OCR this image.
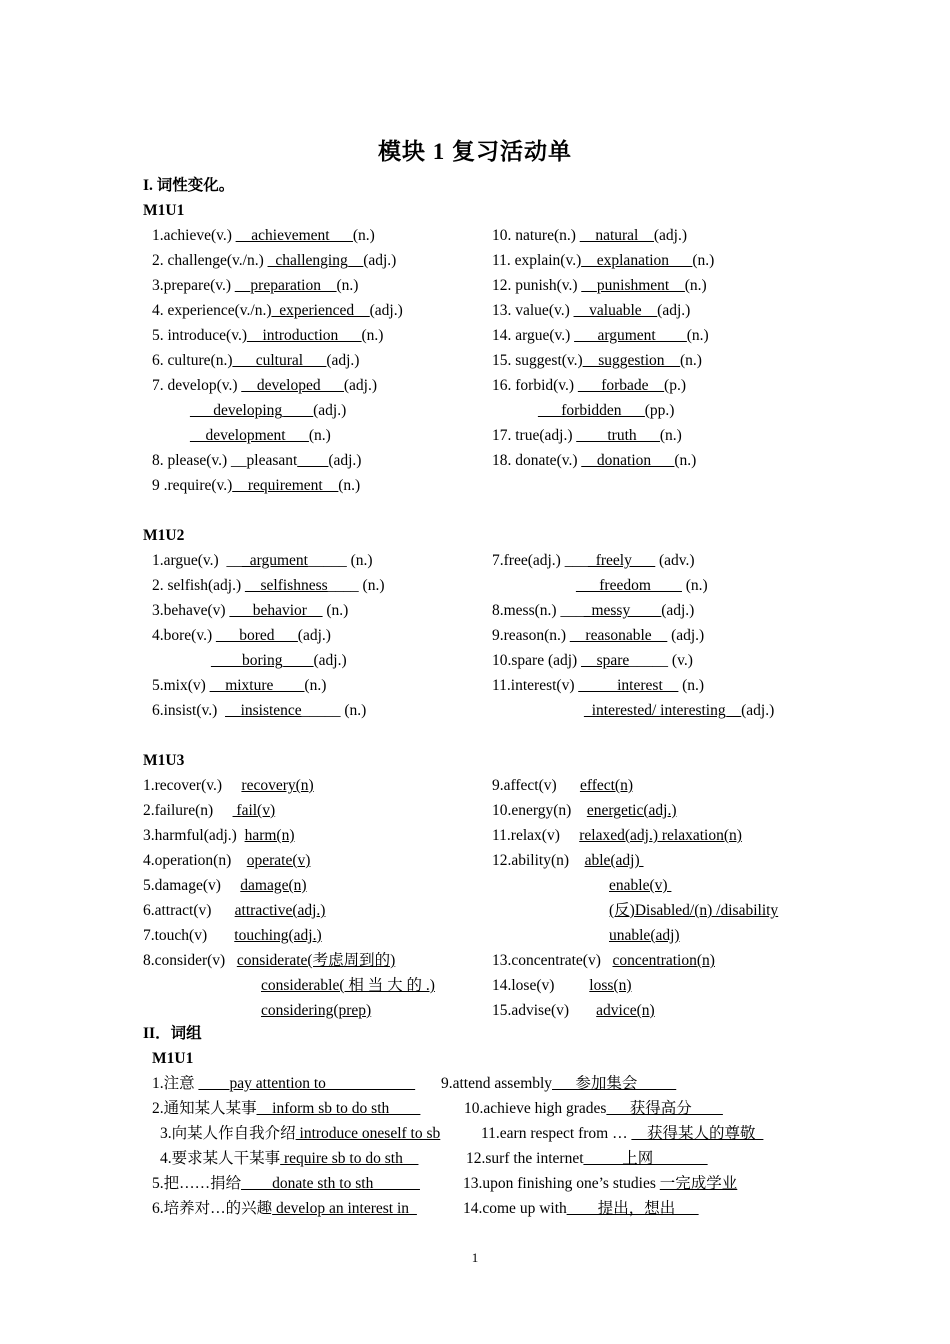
模块 1 复习活动单
I. 词性变化。
M1U1
1.achieve(v.) __achievement___(n.)
2. challenge(v./n.) _challenging__(adj.)
3.prepare(v.) __preparation__(n.)
4. experience(v./n.)_experienced__(adj.)
5. introduce(v.)__introduction___(n.)
6. culture(n.)___cultural___(adj.)
7. develop(v.) __developed___(adj.)
___developing____(adj.)
__development___(n.)
8. please(v.) __pleasant____(adj.)
9 .require(v.)__requirement__(n.)
10. nature(n.) __natural__(adj.)
11. explain(v.)__explanation___(n.)
12. punish(v.) __punishment__(n.)
13. value(v.) __valuable__(adj.)
14. argue(v.) ___argument____(n.)
15. suggest(v.)__suggestion__(n.)
16. forbid(v.) ___forbade__(p.)
___forbidden___(pp.)
17. true(adj.) ____truth___(n.)
18. donate(v.) __donation___(n.)
M1U2
1.argue(v.)  ___argument_____ (n.)
2. selfish(adj.) __selfishness____ (n.)
3.behave(v) ___behavior__ (n.)
4.bore(v.) ___bored___(adj.)
____boring____(adj.)
5.mix(v) __mixture____(n.)
6.insist(v.)  __insistence_____ (n.)
7.free(adj.) ____freely___ (adv.)
___freedom____ (n.)
8.mess(n.) ____messy____(adj.)
9.reason(n.) __reasonable__ (adj.)
10.spare (adj) __spare_____ (v.)
11.interest(v) _____interest__ (n.)
_interested/ interesting__(adj.)
M1U3
1.recover(v.)     recovery(n)
2.failure(n)      fail(v)
3.harmful(adj.)  harm(n)
4.operation(n)    operate(v)
5.damage(v)     damage(n)
6.attract(v)      attractive(adj.)
7.touch(v)       touching(adj.)
8.consider(v)   considerate(考虑周到的)
considerable( 相 当 大 的 .)
considering(prep)
9.affect(v)      effect(n)
10.energy(n)    energetic(adj.)
11.relax(v)     relaxed(adj.) relaxation(n)
12.ability(n)    able(adj)
enable(v)
(反)Disabled/(n) /disability
unable(adj)
13.concentrate(v)   concentration(n)
14.lose(v)         loss(n)
15.advise(v)       advice(n)
II．词组
M1U1
1.注意 ____pay attention to ___________
2.通知某人某事__inform sb to do sth____
3.向某人作自我介绍 introduce oneself to sb
4.要求某人干某事 require sb to do sth__
5.把……捐给____donate sth to sth______
6.培养对…的兴趣 develop an interest in_
9.attend assembly___参加集会_____
10.achieve high grades___获得高分____
11.earn respect from … __获得某人的尊敬_
12.surf the internet_____上网_______
13.upon finishing one’s studies 一完成学业
14.come up with____提出，想出___
1
